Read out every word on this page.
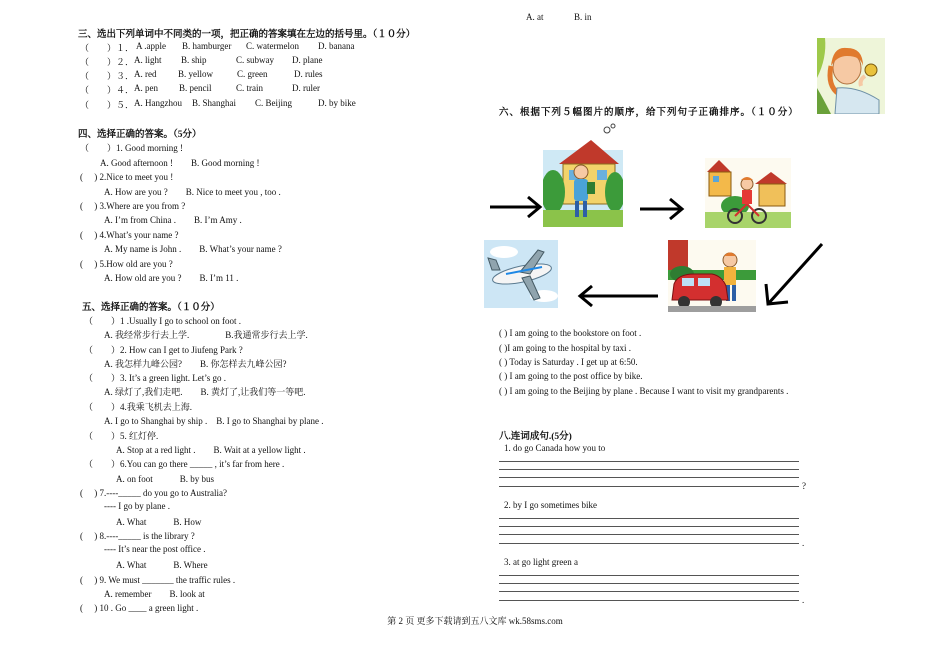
三、选出下列单词中不同类的一项，把正确的答案填在左边的括号里。（１０分）
（　　）１． A .apple B. hamburger C. watermelon D. banana
（　　）２． A. light B. ship	C. subway D. plane
（　　）３． A. red B. yellow	C. green	D. rules
（　　）４． A. pen B. pencil	C. train	D. ruler
（　　）５． A. Hangzhou B. Shanghai C. Beijing	D. by bike
四、选择正确的答案。（5分）
（　　）1. Good morning !
A. Good afternoon !　　B. Good morning !
(　 ) 2.Nice to meet you !
A. How are you ?　　B. Nice to meet you , too .
(　 ) 3.Where are you from ?
A. I’m from China .　　B. I’m Amy .
(　 ) 4.What’s your name ?
A. My name is John .　　B. What’s your name ?
(　 ) 5.How old are you ?
A. How old are you ?　　B. I’m 11 .
五、选择正确的答案。（１０分）
（　　）1 .Usually I go to school on foot .
A. 我经常步行去上学.　　　　B.我通常步行去上学.
（　　）2. How can I get to Jiufeng Park ?
A. 我怎样九峰公园?　　B. 你怎样去九峰公园?
（　　）3. It’s a green light. Let’s go .
A. 绿灯了,我们走吧.　　B. 黄灯了,让我们等一等吧.
（　　）4.我乘飞机去上海.
A. I go to Shanghai by ship .　B. I go to Shanghai by plane .
（　　）5. 红灯停.
A. Stop at a red light .　　B. Wait at a yellow light .
（　　）6.You can go there _____ , it’s far from here .
A. on foot　　　B. by bus
(　 ) 7.----_____ do you go to Australia?
---- I go by plane .
A. What　　　B. How
(　 ) 8.----_____ is the library ?
---- It’s near the post office .
A. What　　　B. Where
(　 ) 9. We must _______ the traffic rules .
A. remember　　B. look at
(　 ) 10 . Go ____ a green light .
A. at	B. in
六、根据下列５幅图片的顺序，给下列句子正确排序。（１０分）
( ) I am going to the bookstore on foot .
( )I am going to the hospital by taxi .
( ) Today is Saturday . I get up at 6:50.
( ) I am going to the post office by bike.
( ) I am going to the Beijing by plane . Because I want to visit my grandparents .
八.连词成句.(5分)
1. do go Canada how you to
?
2. by I go sometimes bike
.
3. at go light green a
.
第 2 页 更多下载请到五八文库 wk.58sms.com
